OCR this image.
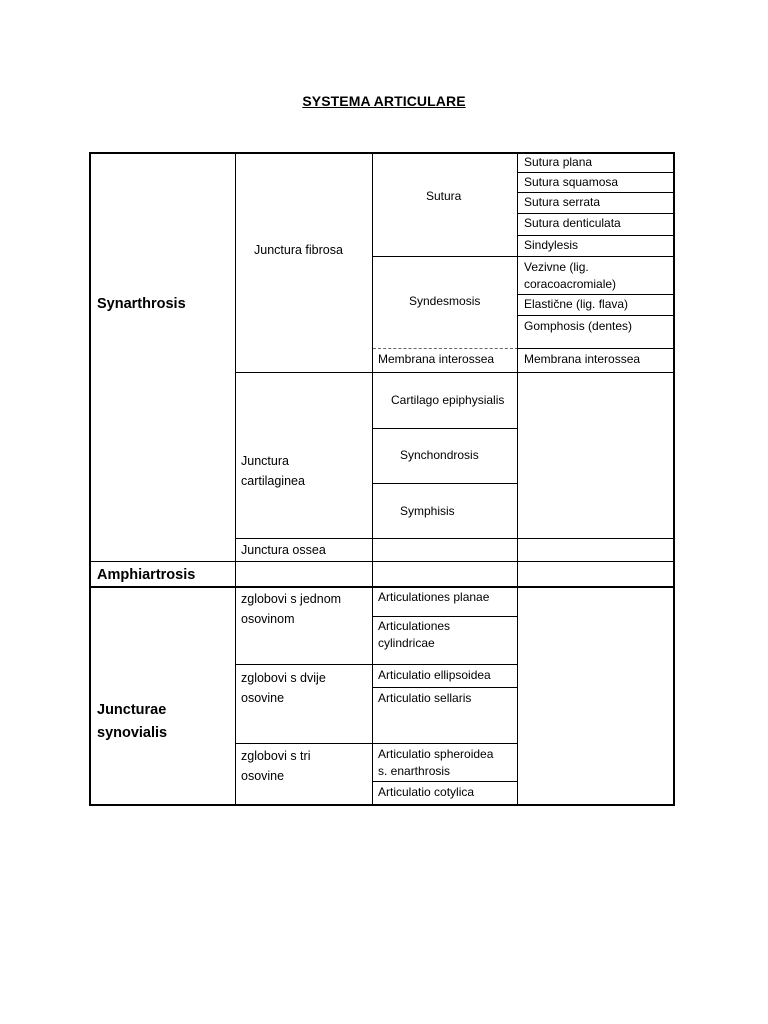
SYSTEMA ARTICULARE
Synarthrosis
Amphiartrosis
Juncturae
synovialis
Junctura fibrosa
Junctura
cartilaginea
Junctura ossea
zglobovi s jednom
osovinom
zglobovi s dvije
osovine
zglobovi s tri
osovine
Sutura
Syndesmosis
Membrana interossea
Cartilago epiphysialis
Synchondrosis
Symphisis
Articulationes planae
Articulationes
cylindricae
Articulatio ellipsoidea
Articulatio sellaris
Articulatio spheroidea
s. enarthrosis
Articulatio cotylica
Sutura plana
Sutura squamosa
Sutura serrata
Sutura denticulata
Sindylesis
Vezivne (lig.
coracoacromiale)
Elastične (lig. flava)
Gomphosis (dentes)
Membrana interossea
